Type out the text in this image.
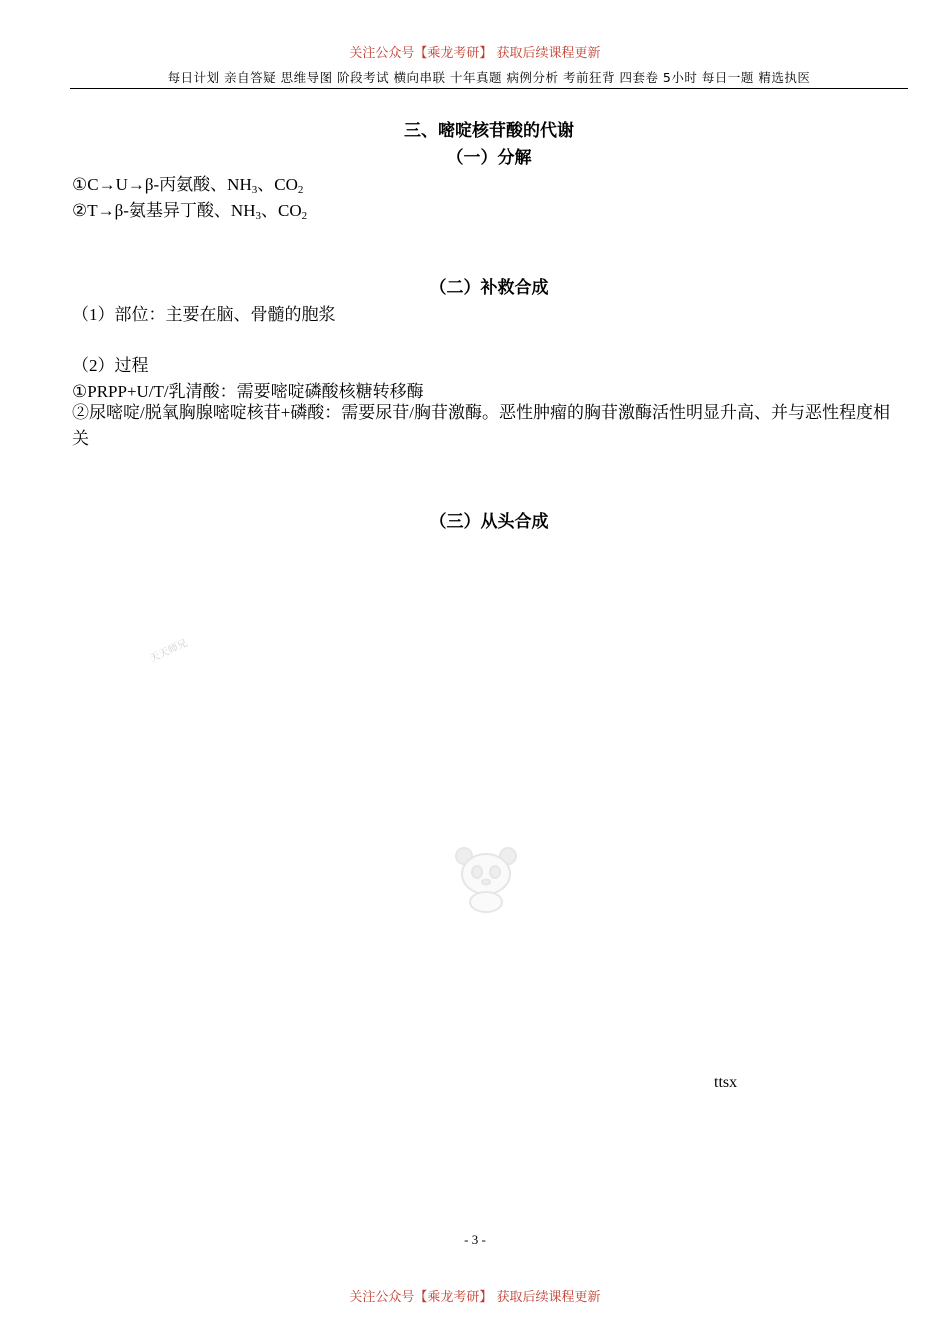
关注公众号【乘龙考研】 获取后续课程更新
每日计划 亲自答疑 思维导图 阶段考试 横向串联 十年真题 病例分析 考前狂背 四套卷 5小时 每日一题 精选执医
三、嘧啶核苷酸的代谢
（一）分解
①C→U→β-丙氨酸、$NH_3$、$CO_2$
②T→β-氨基异丁酸、$NH_3$、$CO_2$
（二）补救合成
（1）部位：主要在脑、骨髓的胞浆
（2）过程
①PRPP+U/T/乳清酸：需要嘧啶磷酸核糖转移酶
②尿嘧啶/脱氧胸腺嘧啶核苷+磷酸：需要尿苷/胸苷激酶。恶性肿瘤的胸苷激酶活性明显升高、并与恶性程度相关
（三）从头合成
天天师兄
ttsx
- 3 -
关注公众号【乘龙考研】 获取后续课程更新
